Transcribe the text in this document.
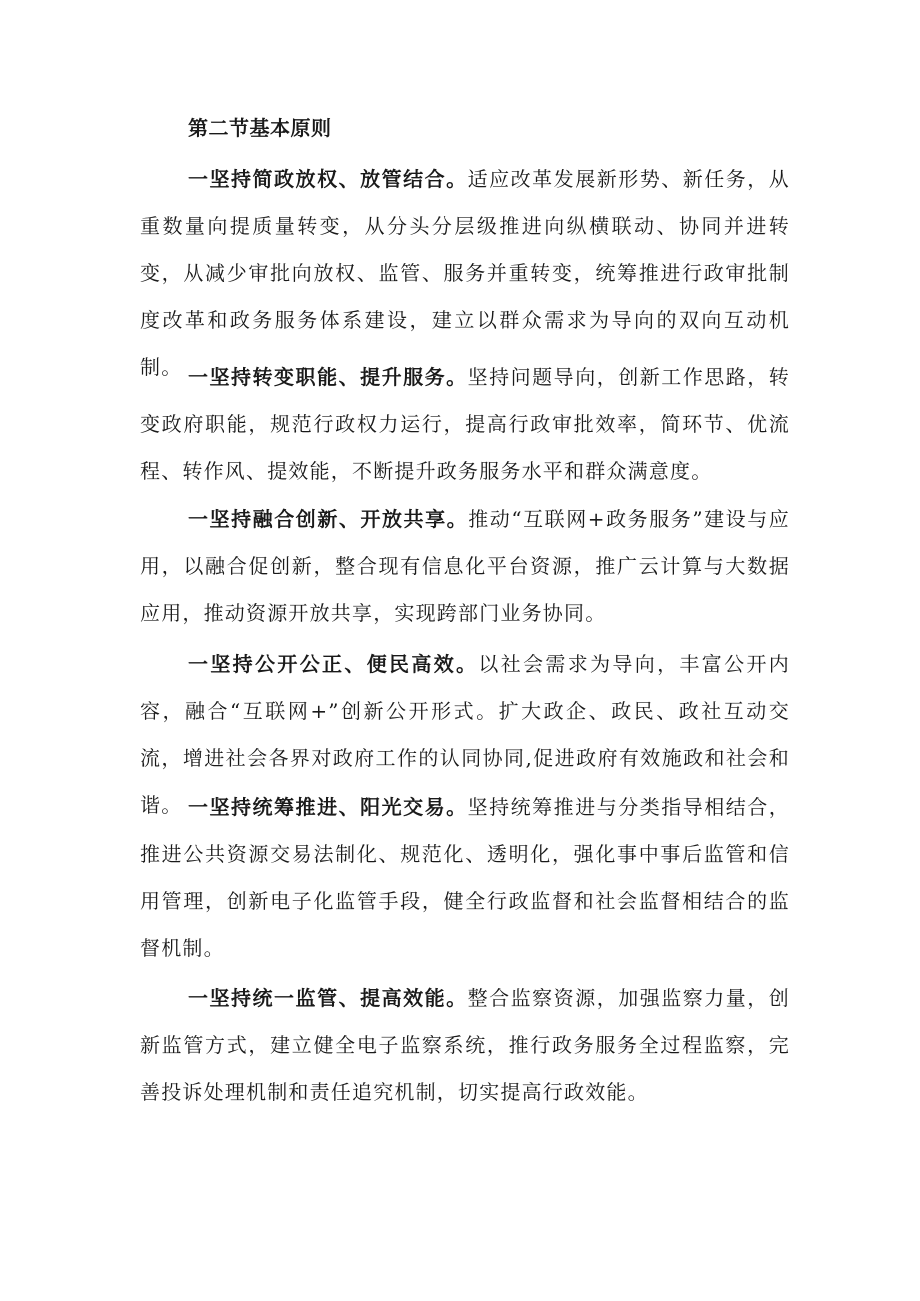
第二节基本原则

一坚持简政放权、放管结合。适应改革发展新形势、新任务，从重数量向提质量转变，从分头分层级推进向纵横联动、协同并进转变，从减少审批向放权、监管、服务并重转变，统筹推进行政审批制度改革和政务服务体系建设，建立以群众需求为导向的双向互动机制。 一坚持转变职能、提升服务。坚持问题导向，创新工作思路，转变政府职能，规范行政权力运行，提高行政审批效率，简环节、优流程、转作风、提效能，不断提升政务服务水平和群众满意度。

一坚持融合创新、开放共享。推动“互联网+政务服务”建设与应用，以融合促创新，整合现有信息化平台资源，推广云计算与大数据应用，推动资源开放共享，实现跨部门业务协同。

一坚持公开公正、便民高效。以社会需求为导向，丰富公开内容，融合“互联网+”创新公开形式。扩大政企、政民、政社互动交流，增进社会各界对政府工作的认同协同,促进政府有效施政和社会和谐。 一坚持统筹推进、阳光交易。坚持统筹推进与分类指导相结合，推进公共资源交易法制化、规范化、透明化，强化事中事后监管和信用管理，创新电子化监管手段，健全行政监督和社会监督相结合的监督机制。

一坚持统一监管、提高效能。整合监察资源，加强监察力量，创新监管方式，建立健全电子监察系统，推行政务服务全过程监察，完善投诉处理机制和责任追究机制，切实提高行政效能。
